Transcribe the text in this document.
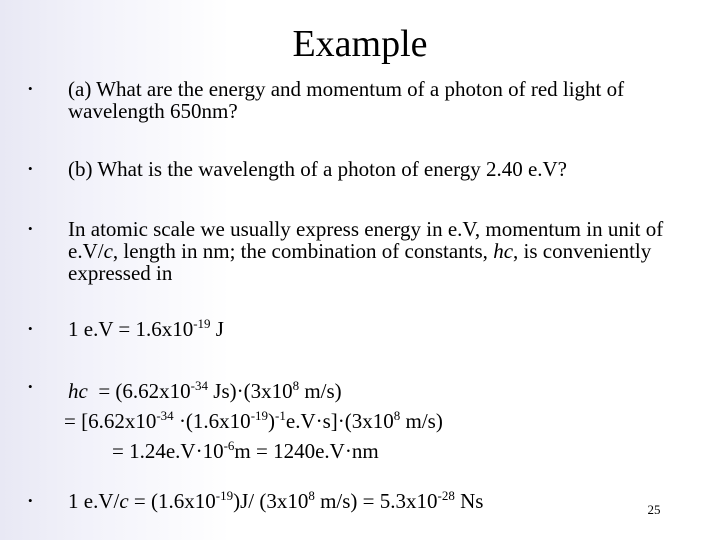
Example
•	(a) What are the energy and momentum of a photon of red light of wavelength 650nm?
•	(b) What is the wavelength of a photon of energy 2.40 e.V?
•	In atomic scale we usually express energy in e.V, momentum in unit of e.V/c, length in nm; the combination of constants, hc, is conveniently expressed in
•	1 $e.V = 1.6x10^{-19}$ J
•	hc  = ($6.62x10^{-34}$ $Js)\cdot(3x10^8$ m/s)
= $[6.62x10^{-34} \cdot(1.6x10^{-19})^{-1}e.V\cdot s]\cdot(3x10^8$ m/s)
= $1.24e.V\cdot 10^{-6}m = 1240e.V\cdot nm$
•	1 $e.V/c = (1.6x10^{-19})J/$ ($3x10^8$ $m/s) = 5.3x10^{-28}$ Ns	25
